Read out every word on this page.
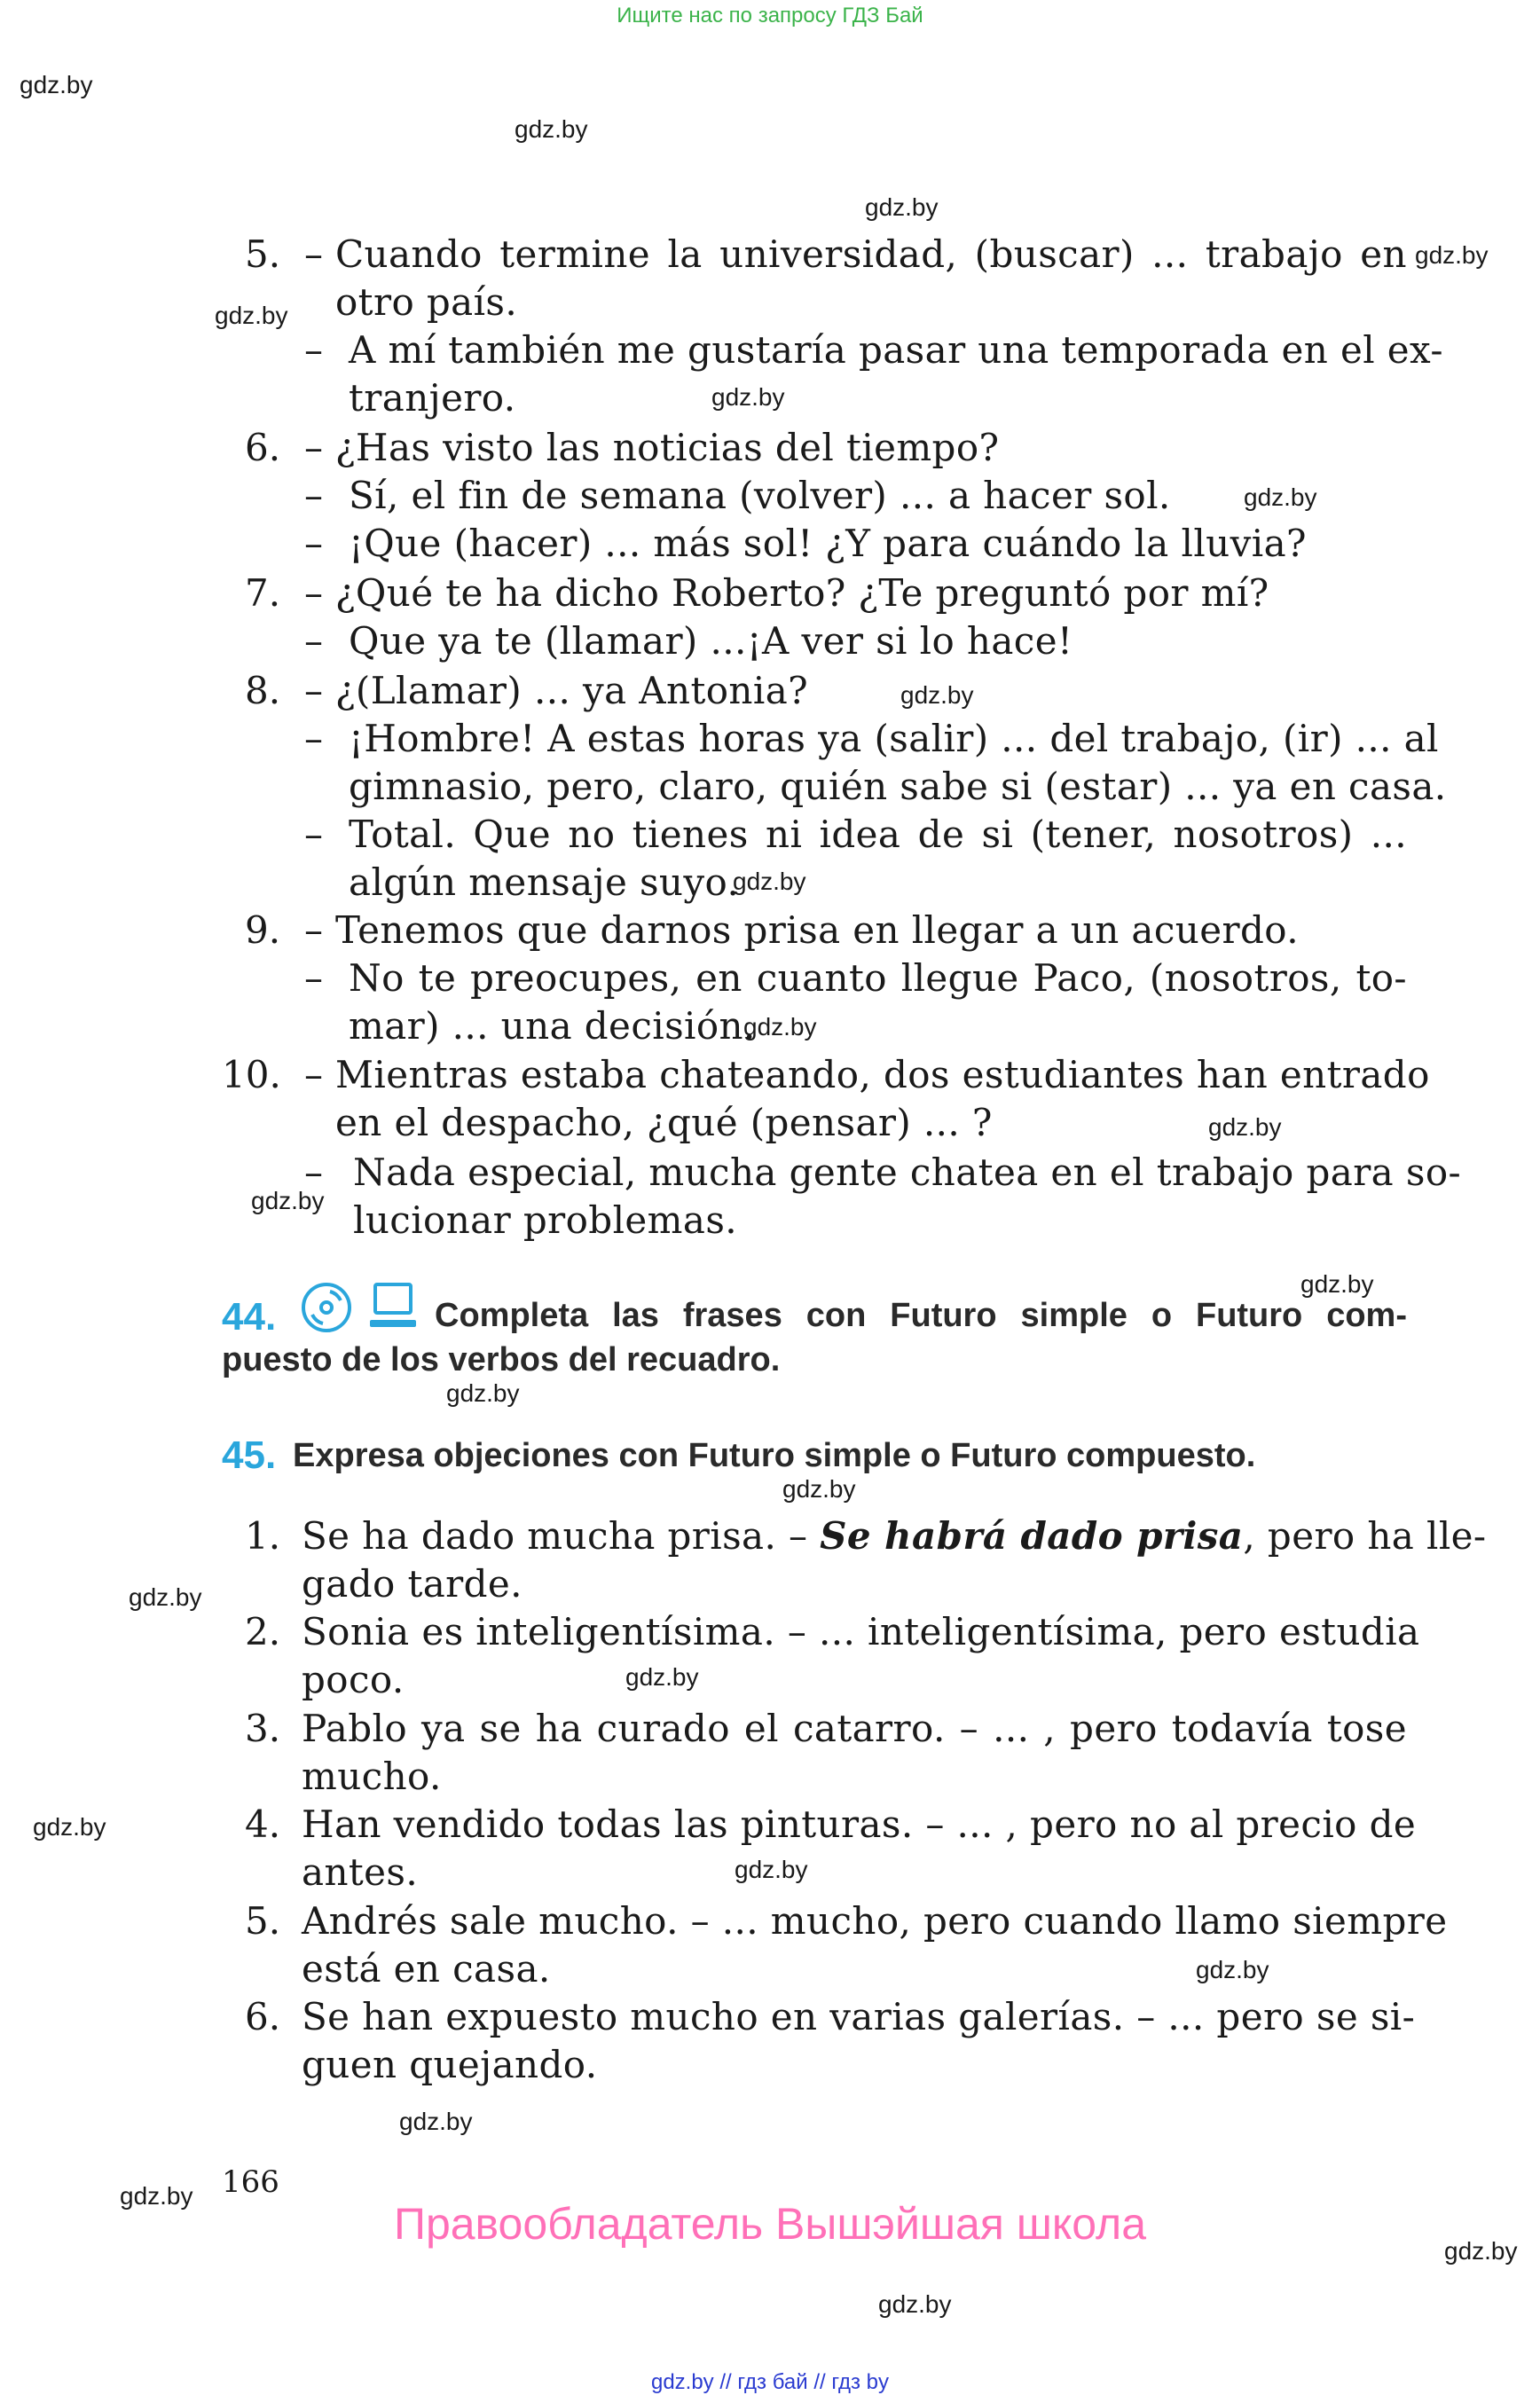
Ищите нас по запросу ГДЗ Бай
gdz.by
gdz.by
gdz.by
gdz.by
gdz.by
gdz.by
gdz.by
gdz.by
gdz.by
gdz.by
gdz.by
gdz.by
gdz.by
gdz.by
gdz.by
gdz.by
gdz.by
gdz.by
gdz.by
gdz.by
gdz.by
gdz.by
gdz.by
gdz.by
5. – Cuando termine la universidad, (buscar) ... trabajo en
otro país.
– A mí también me gustaría pasar una temporada en el ex-
tranjero.
6. – ¿Has visto las noticias del tiempo?
– Sí, el fin de semana (volver) ... a hacer sol.
– ¡Que (hacer) ... más sol! ¿Y para cuándo la lluvia?
7. – ¿Qué te ha dicho Roberto? ¿Te preguntó por mí?
– Que ya te (llamar) ...¡A ver si lo hace!
8. – ¿(Llamar) ... ya Antonia?
– ¡Hombre! A estas horas ya (salir) ... del trabajo, (ir) ... al
gimnasio, pero, claro, quién sabe si (estar) ... ya en casa.
– Total. Que no tienes ni idea de si (tener, nosotros) ...
algún mensaje suyo.
9. – Tenemos que darnos prisa en llegar a un acuerdo.
– No te preocupes, en cuanto llegue Paco, (nosotros, to-
mar) ... una decisión.
10. – Mientras estaba chateando, dos estudiantes han entrado
en el despacho, ¿qué (pensar) ... ?
– Nada especial, mucha gente chatea en el trabajo para so-
lucionar problemas.
44.	Completa las frases con Futuro simple o Futuro com-
puesto de los verbos del recuadro.
45. Expresa objeciones con Futuro simple o Futuro compuesto.
1. Se ha dado mucha prisa. – Se habrá dado prisa, pero ha lle-
gado tarde.
2. Sonia es inteligentísima. – ... inteligentísima, pero estudia
poco.
3. Pablo ya se ha curado el catarro. – ... , pero todavía tose
mucho.
4. Han vendido todas las pinturas. – ... , pero no al precio de
antes.
5. Andrés sale mucho. – ... mucho, pero cuando llamo siempre
está en casa.
6. Se han expuesto mucho en varias galerías. – ... pero se si-
guen quejando.
166
Правообладатель Вышэйшая школа
gdz.by // гдз бай // гдз by
